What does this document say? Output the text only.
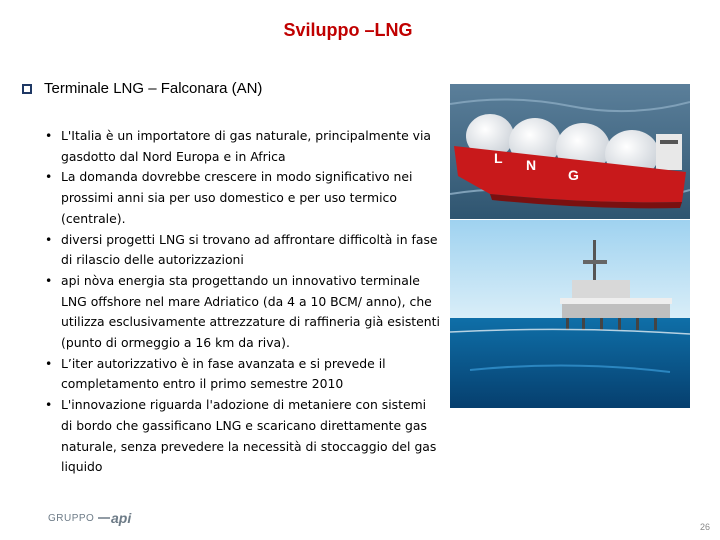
Sviluppo –LNG
Terminale LNG – Falconara (AN)
• L'Italia è un importatore di gas naturale, principalmente via gasdotto dal Nord Europa e in Africa
• La domanda dovrebbe crescere in modo significativo nei prossimi anni sia per uso domestico e per uso termico (centrale).
• diversi progetti LNG si trovano ad affrontare difficoltà in fase di rilascio delle autorizzazioni
• api nòva energia sta progettando un innovativo terminale LNG offshore nel mare Adriatico (da 4 a 10 BCM/ anno), che utilizza esclusivamente attrezzature di raffineria già esistenti (punto di ormeggio a 16 km da riva).
• L’iter autorizzativo è in fase avanzata e si prevede il completamento entro il primo semestre 2010
• L'innovazione riguarda l'adozione di metaniere con sistemi di bordo che gassificano LNG e scaricano direttamente gas naturale, senza prevedere la necessità di stoccaggio del gas liquido
L N
G
GRUPPO api
26
